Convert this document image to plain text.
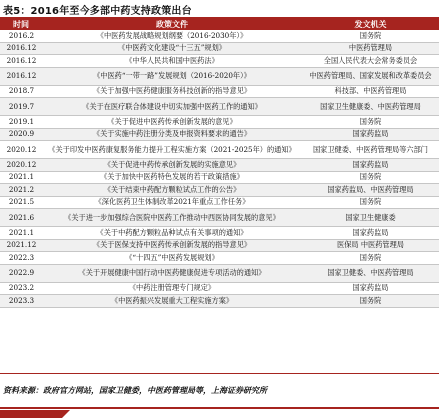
表5：2016年至今多部中药支持政策出台
时间	政策文件	发文机关
2016.2	《中医药发展战略规划纲要（2016-2030年）》	国务院
2016.12	《中医药文化建设“十三五”规划》	中医药管理局
2016.12	《中华人民共和国中医药法》	全国人民代表大会常务委员会
2016.12	《中医药“一带一路”发展规划（2016-2020年）》	中医药管理局、国家发展和改革委员会
2018.7	《关于加强中医药健康服务科技创新的指导意见》	科技部、中医药管理局
2019.7	《关于在医疗联合体建设中切实加强中医药工作的通知》	国家卫生健康委、中医药管理局
2019.1	《关于促进中医药传承创新发展的意见》	国务院
2020.9	《关于实施中药注册分类及申报资料要求的通告》	国家药监局
2020.12	《关于印发中医药康复服务能力提升工程实施方案（2021-2025年）的通知》	国家卫健委、中医药管理局等六部门
2020.12	《关于促进中药传承创新发展的实施意见》	国家药监局
2021.1	《关于加快中医药特色发展的若干政策措施》	国务院
2021.2	《关于结束中药配方颗粒试点工作的公告》	国家药监局、中医药管理局
2021.5	《深化医药卫生体制改革2021年重点工作任务》	国务院
2021.6	《关于进一步加强综合医院中医药工作推动中西医协同发展的意见》	国家卫生健康委
2021.1	《关于中药配方颗粒品种试点有关事项的通知》	国家药监局
2021.12	《关于医保支持中医药传承创新发展的指导意见》	医保局 中医药管理局
2022.3	《“十四五”中医药发展规划》	国务院
2022.9	《关于开展健康中国行动中医药健康促进专项活动的通知》	国家卫健委、中医药管理局
2023.2	《中药注册管理专门规定》	国家药监局
2023.3	《中医药振兴发展重大工程实施方案》	国务院
资料来源：政府官方网站，国家卫健委，中医药管理局等，上海证券研究所
